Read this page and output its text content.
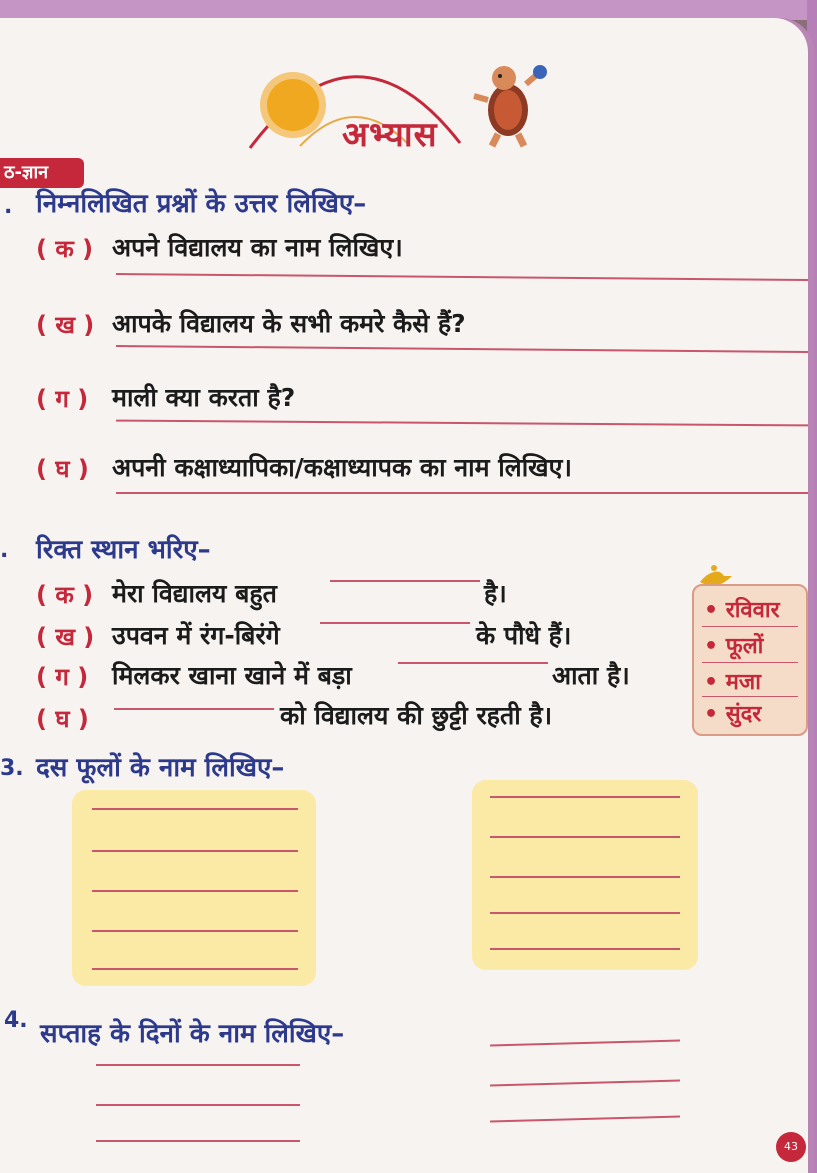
अभ्यास
ठ-ज्ञान
. निम्नलिखित प्रश्नों के उत्तर लिखिए–
( क ) अपने विद्यालय का नाम लिखिए।
( ख ) आपके विद्यालय के सभी कमरे कैसे हैं?
( ग ) माली क्या करता है?
( घ ) अपनी कक्षाध्यापिका/कक्षाध्यापक का नाम लिखिए।
. रिक्त स्थान भरिए–
( क ) मेरा विद्यालय बहुत	है।
( ख ) उपवन में रंग-बिरंगे	के पौधे हैं।
( ग ) मिलकर खाना खाने में बड़ा	आता है।
( घ )	को विद्यालय की छुट्टी रहती है।
• रविवार
• फूलों
• मजा
• सुंदर
3. दस फूलों के नाम लिखिए–
4. सप्ताह के दिनों के नाम लिखिए–
43
